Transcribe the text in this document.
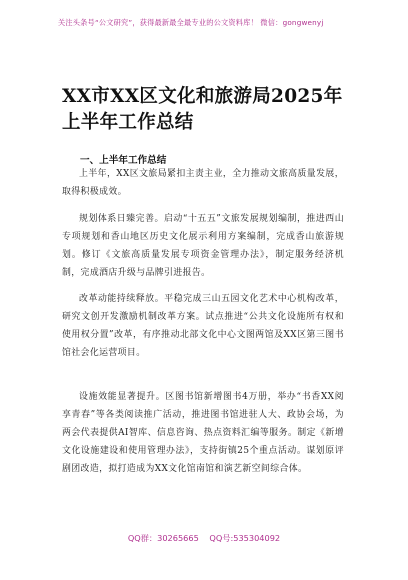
关注头条号“公文研究”，获得最新最全最专业的公文资料库！ 微信：gongwenyj
XX市XX区文化和旅游局2025年上半年工作总结
一、上半年工作总结
上半年，XX区文旅局紧扣主责主业，全力推动文旅高质量发展，取得积极成效。
规划体系日臻完善。启动“十五五”文旅发展规划编制，推进西山专项规划和香山地区历史文化展示利用方案编制，完成香山旅游规划。修订《文旅高质量发展专项资金管理办法》，制定服务经济机制，完成酒店升级与品牌引进报告。
改革动能持续释放。平稳完成三山五园文化艺术中心机构改革，研究文创开发激励机制改革方案。试点推进“公共文化设施所有权和使用权分置”改革，有序推动北部文化中心文图两馆及XX区第三图书馆社会化运营项目。
设施效能显著提升。区图书馆新增图书4万册，举办“书香XX阅享青春”等各类阅读推广活动，推进图书馆进驻人大、政协会场，为两会代表提供AI智库、信息咨询、热点资料汇编等服务。制定《新增文化设施建设和使用管理办法》，支持街镇25个重点活动。谋划原评剧团改造，拟打造成为XX文化馆南馆和演艺新空间综合体。
QQ群：30265665 QQ号:535304092
